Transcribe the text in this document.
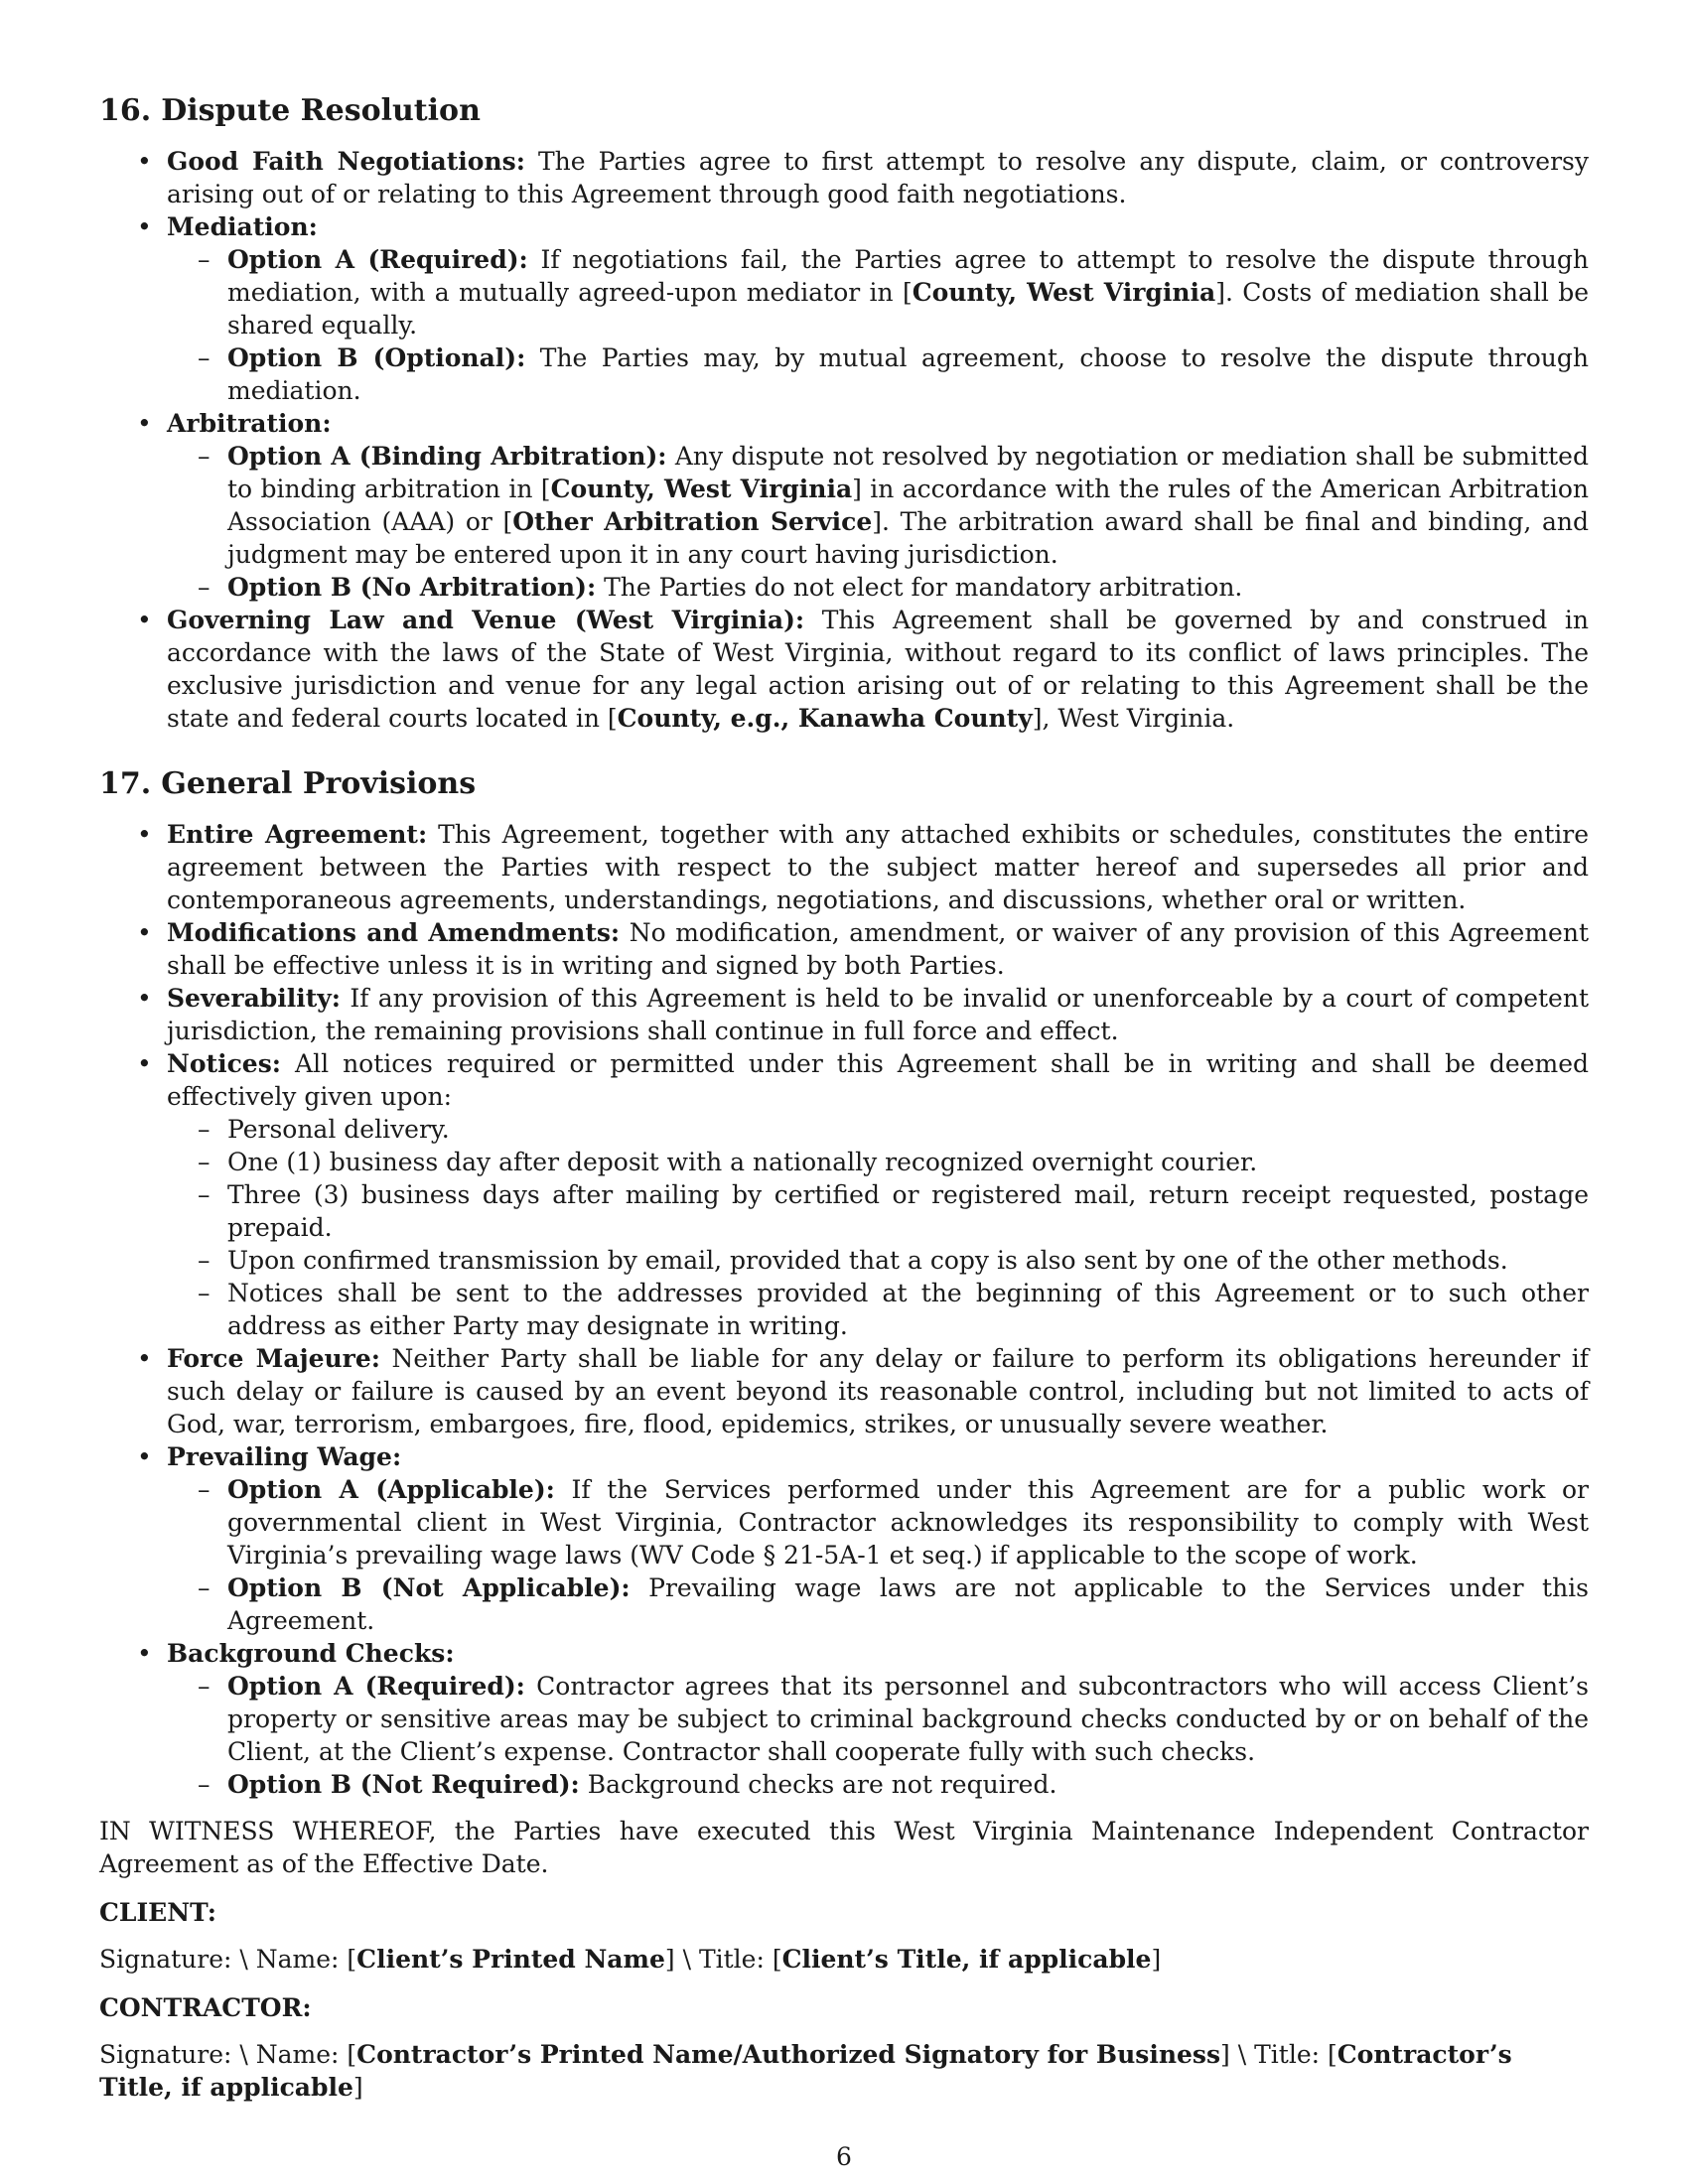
16. Dispute Resolution
• Good Faith Negotiations: The Parties agree to first attempt to resolve any dispute, claim, or controversy arising out of or relating to this Agreement through good faith negotiations.
• Mediation:
– Option A (Required): If negotiations fail, the Parties agree to attempt to resolve the dispute through mediation, with a mutually agreed-upon mediator in [County, West Virginia]. Costs of mediation shall be shared equally.
– Option B (Optional): The Parties may, by mutual agreement, choose to resolve the dispute through mediation.
• Arbitration:
– Option A (Binding Arbitration): Any dispute not resolved by negotiation or mediation shall be submitted to binding arbitration in [County, West Virginia] in accordance with the rules of the American Arbitration Association (AAA) or [Other Arbitration Service]. The arbitration award shall be final and binding, and judgment may be entered upon it in any court having jurisdiction.
– Option B (No Arbitration): The Parties do not elect for mandatory arbitration.
• Governing Law and Venue (West Virginia): This Agreement shall be governed by and construed in accordance with the laws of the State of West Virginia, without regard to its conflict of laws principles. The exclusive jurisdiction and venue for any legal action arising out of or relating to this Agreement shall be the state and federal courts located in [County, e.g., Kanawha County], West Virginia.
17. General Provisions
• Entire Agreement: This Agreement, together with any attached exhibits or schedules, constitutes the entire agreement between the Parties with respect to the subject matter hereof and supersedes all prior and contemporaneous agreements, understandings, negotiations, and discussions, whether oral or written.
• Modifications and Amendments: No modification, amendment, or waiver of any provision of this Agreement shall be effective unless it is in writing and signed by both Parties.
• Severability: If any provision of this Agreement is held to be invalid or unenforceable by a court of competent jurisdiction, the remaining provisions shall continue in full force and effect.
• Notices: All notices required or permitted under this Agreement shall be in writing and shall be deemed effectively given upon:
– Personal delivery.
– One (1) business day after deposit with a nationally recognized overnight courier.
– Three (3) business days after mailing by certified or registered mail, return receipt requested, postage prepaid.
– Upon confirmed transmission by email, provided that a copy is also sent by one of the other methods.
– Notices shall be sent to the addresses provided at the beginning of this Agreement or to such other address as either Party may designate in writing.
• Force Majeure: Neither Party shall be liable for any delay or failure to perform its obligations hereunder if such delay or failure is caused by an event beyond its reasonable control, including but not limited to acts of God, war, terrorism, embargoes, fire, flood, epidemics, strikes, or unusually severe weather.
• Prevailing Wage:
– Option A (Applicable): If the Services performed under this Agreement are for a public work or governmental client in West Virginia, Contractor acknowledges its responsibility to comply with West Virginia’s prevailing wage laws (WV Code § 21-5A-1 et seq.) if applicable to the scope of work.
– Option B (Not Applicable): Prevailing wage laws are not applicable to the Services under this Agreement.
• Background Checks:
– Option A (Required): Contractor agrees that its personnel and subcontractors who will access Client’s property or sensitive areas may be subject to criminal background checks conducted by or on behalf of the Client, at the Client’s expense. Contractor shall cooperate fully with such checks.
– Option B (Not Required): Background checks are not required.

IN WITNESS WHEREOF, the Parties have executed this West Virginia Maintenance Independent Contractor Agreement as of the Effective Date.

CLIENT:

Signature: \ Name: [Client’s Printed Name] \ Title: [Client’s Title, if applicable]

CONTRACTOR:

Signature: \ Name: [Contractor’s Printed Name/Authorized Signatory for Business] \ Title: [Contractor’s Title, if applicable]

6
